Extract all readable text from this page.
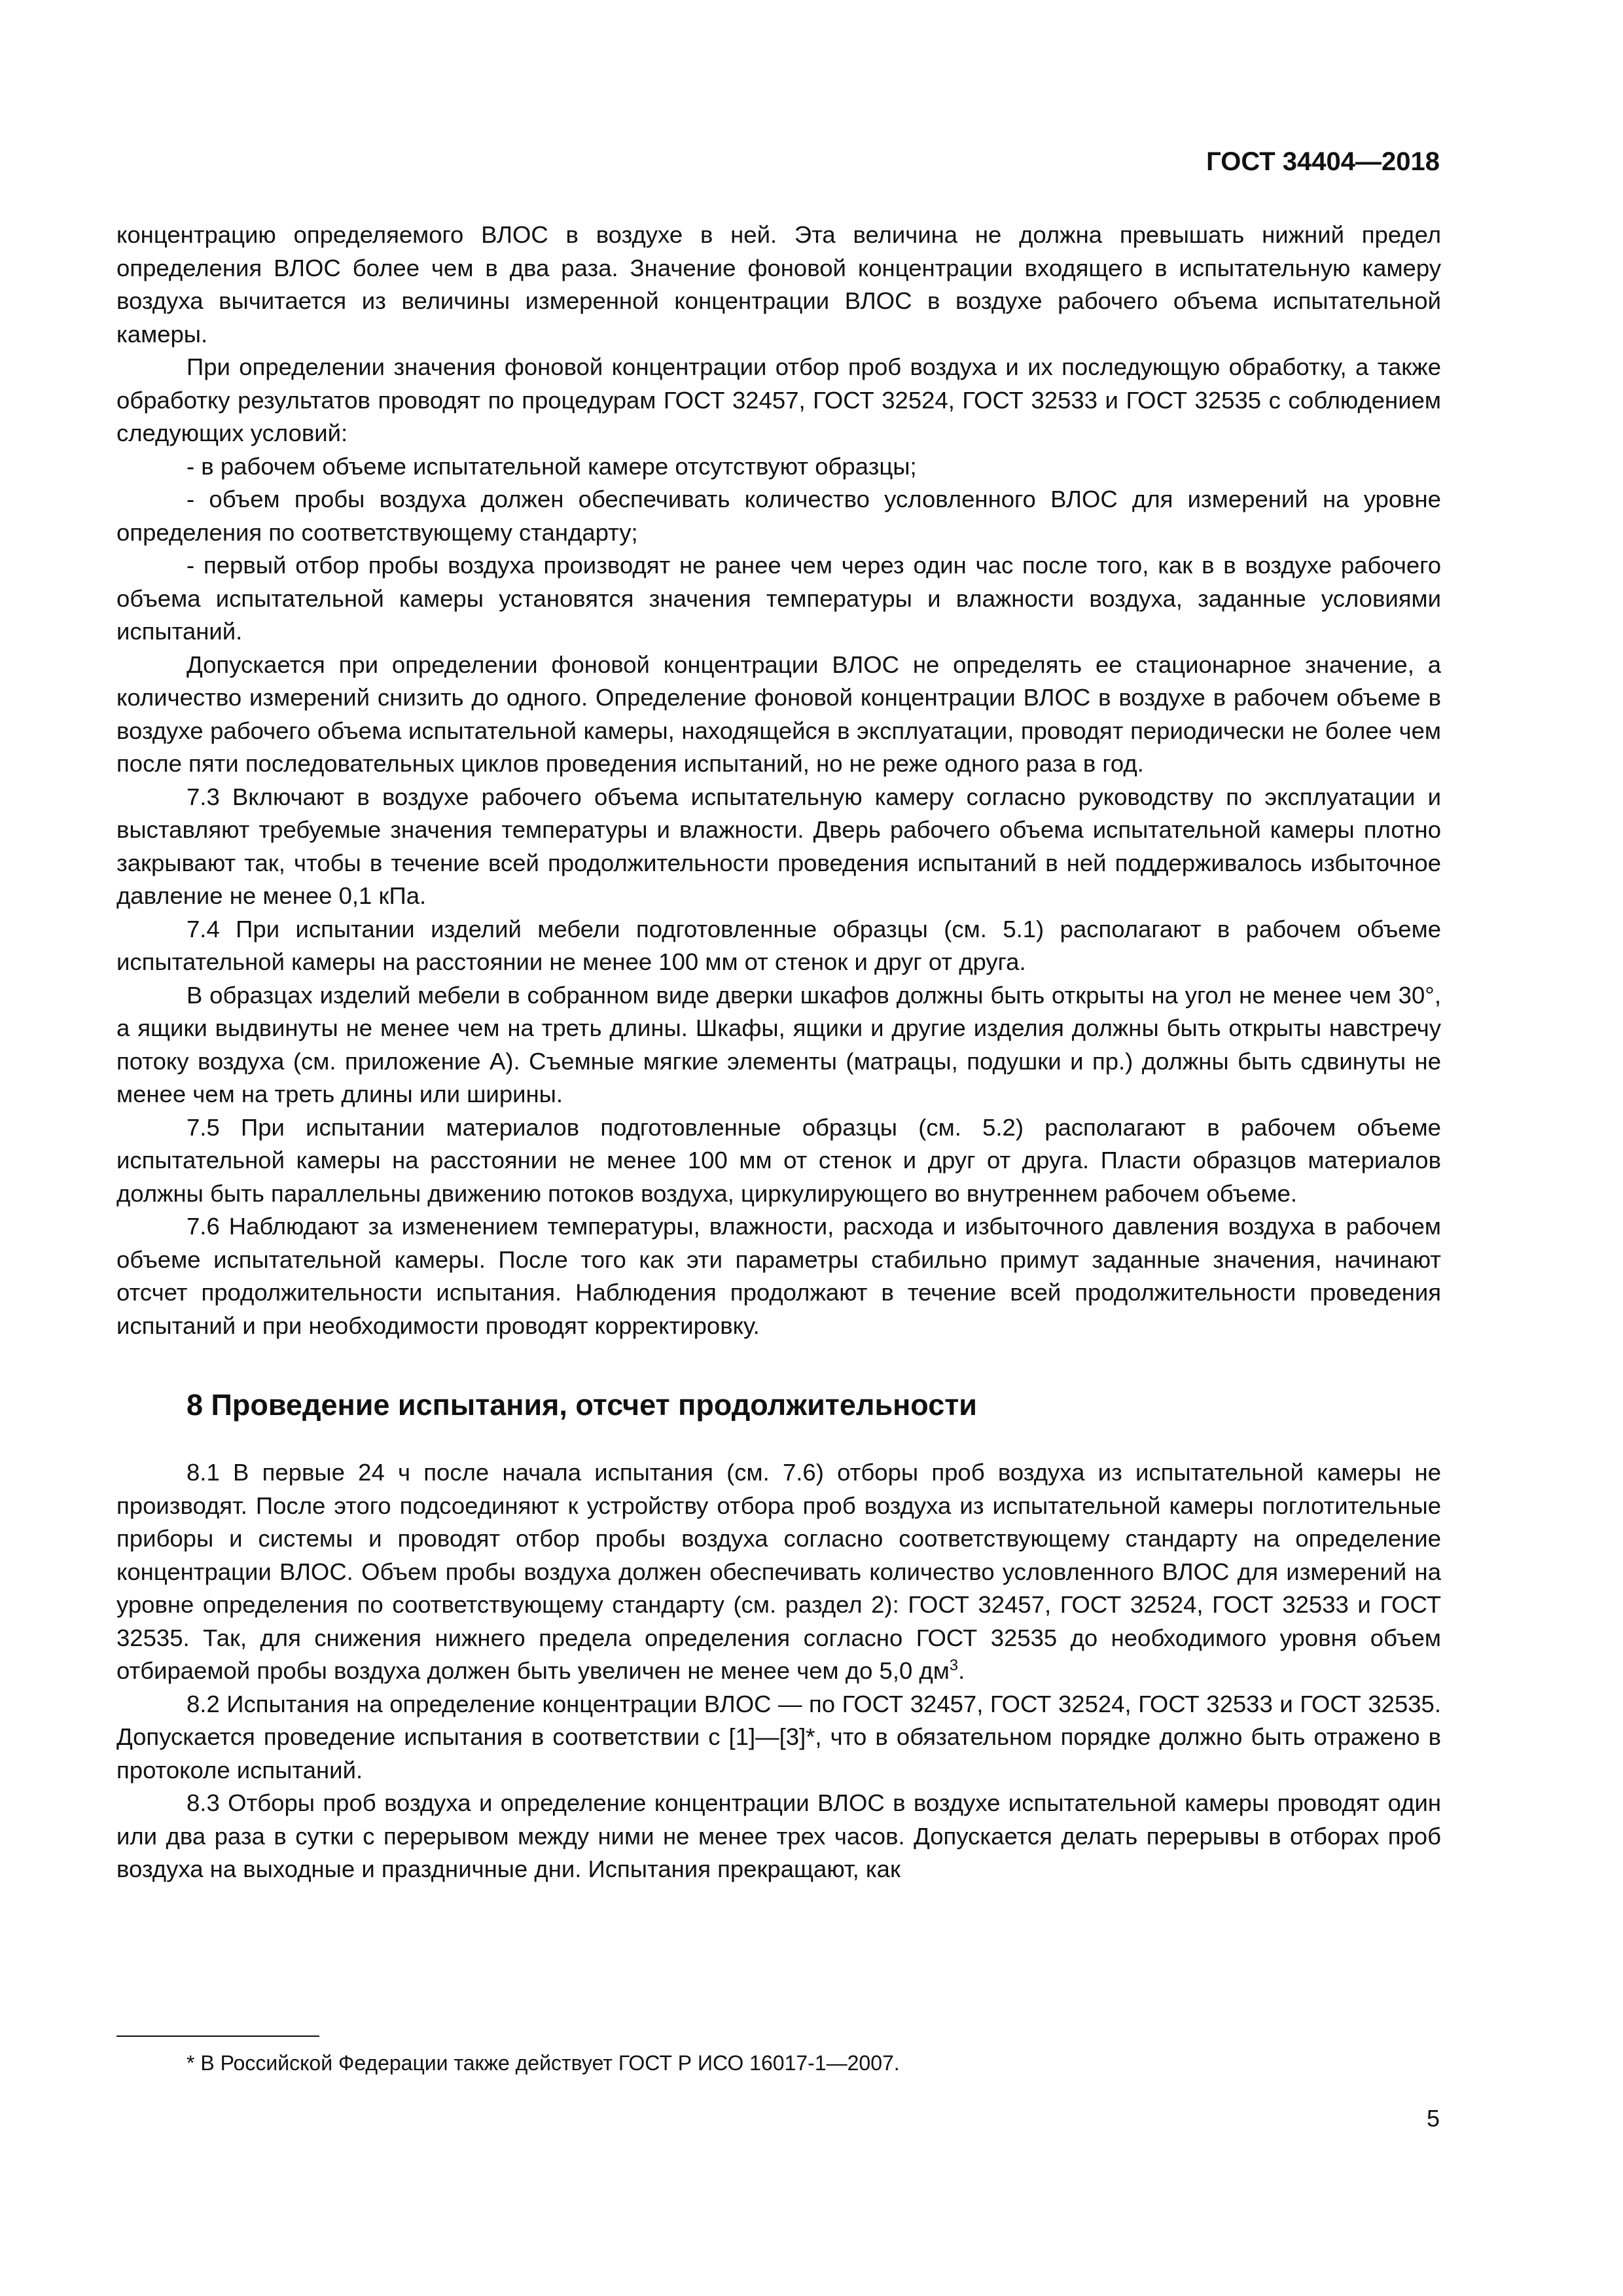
ГОСТ 34404—2018

концентрацию определяемого ВЛОС в воздухе в ней. Эта величина не должна превышать нижний предел определения ВЛОС более чем в два раза. Значение фоновой концентрации входящего в испытательную камеру воздуха вычитается из величины измеренной концентрации ВЛОС в воздухе рабочего объема испытательной камеры.

При определении значения фоновой концентрации отбор проб воздуха и их последующую обработку, а также обработку результатов проводят по процедурам ГОСТ 32457, ГОСТ 32524, ГОСТ 32533 и ГОСТ 32535 с соблюдением следующих условий:

- в рабочем объеме испытательной камере отсутствуют образцы;

- объем пробы воздуха должен обеспечивать количество условленного ВЛОС для измерений на уровне определения по соответствующему стандарту;

- первый отбор пробы воздуха производят не ранее чем через один час после того, как в в воздухе рабочего объема испытательной камеры установятся значения температуры и влажности воздуха, заданные условиями испытаний.

Допускается при определении фоновой концентрации ВЛОС не определять ее стационарное значение, а количество измерений снизить до одного. Определение фоновой концентрации ВЛОС в воздухе в рабочем объеме в воздухе рабочего объема испытательной камеры, находящейся в эксплуатации, проводят периодически не более чем после пяти последовательных циклов проведения испытаний, но не реже одного раза в год.

7.3 Включают в воздухе рабочего объема испытательную камеру согласно руководству по эксплуатации и выставляют требуемые значения температуры и влажности. Дверь рабочего объема испытательной камеры плотно закрывают так, чтобы в течение всей продолжительности проведения испытаний в ней поддерживалось избыточное давление не менее 0,1 кПа.

7.4 При испытании изделий мебели подготовленные образцы (см. 5.1) располагают в рабочем объеме испытательной камеры на расстоянии не менее 100 мм от стенок и друг от друга.

В образцах изделий мебели в собранном виде дверки шкафов должны быть открыты на угол не менее чем 30°, а ящики выдвинуты не менее чем на треть длины. Шкафы, ящики и другие изделия должны быть открыты навстречу потоку воздуха (см. приложение А). Съемные мягкие элементы (матрацы, подушки и пр.) должны быть сдвинуты не менее чем на треть длины или ширины.

7.5 При испытании материалов подготовленные образцы (см. 5.2) располагают в рабочем объеме испытательной камеры на расстоянии не менее 100 мм от стенок и друг от друга. Пласти образцов материалов должны быть параллельны движению потоков воздуха, циркулирующего во внутреннем рабочем объеме.

7.6 Наблюдают за изменением температуры, влажности, расхода и избыточного давления воздуха в рабочем объеме испытательной камеры. После того как эти параметры стабильно примут заданные значения, начинают отсчет продолжительности испытания. Наблюдения продолжают в течение всей продолжительности проведения испытаний и при необходимости проводят корректировку.

8 Проведение испытания, отсчет продолжительности

8.1 В первые 24 ч после начала испытания (см. 7.6) отборы проб воздуха из испытательной камеры не производят. После этого подсоединяют к устройству отбора проб воздуха из испытательной камеры поглотительные приборы и системы и проводят отбор пробы воздуха согласно соответствующему стандарту на определение концентрации ВЛОС. Объем пробы воздуха должен обеспечивать количество условленного ВЛОС для измерений на уровне определения по соответствующему стандарту (см. раздел 2): ГОСТ 32457, ГОСТ 32524, ГОСТ 32533 и ГОСТ 32535. Так, для снижения нижнего предела определения согласно ГОСТ 32535 до необходимого уровня объем отбираемой пробы воздуха должен быть увеличен не менее чем до 5,0 $дм^3$.

8.2 Испытания на определение концентрации ВЛОС — по ГОСТ 32457, ГОСТ 32524, ГОСТ 32533 и ГОСТ 32535. Допускается проведение испытания в соответствии с [1]—[3]*, что в обязательном порядке должно быть отражено в протоколе испытаний.

8.3 Отборы проб воздуха и определение концентрации ВЛОС в воздухе испытательной камеры проводят один или два раза в сутки с перерывом между ними не менее трех часов. Допускается делать перерывы в отборах проб воздуха на выходные и праздничные дни. Испытания прекращают, как

* В Российской Федерации также действует ГОСТ Р ИСО 16017-1—2007.
5
